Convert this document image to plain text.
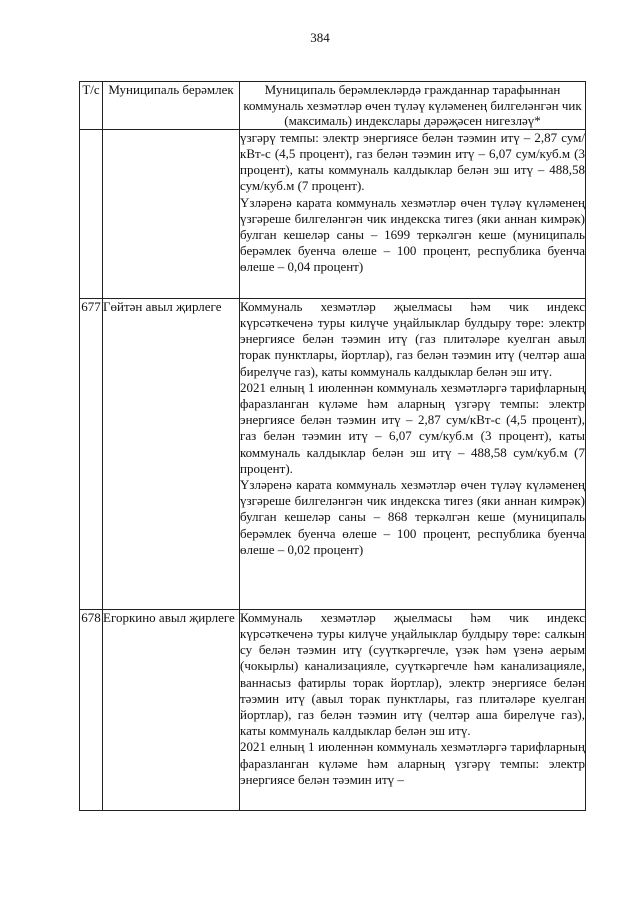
384
Т/с	Муниципаль берәмлек	Муниципаль берәмлекләрдә гражданнар тарафыннан коммуналь хезмәтләр өчен түләү күләменең билгеләнгән чик (максималь) индекслары дәрәҗәсен нигезләү*

		үзгәрү темпы: электр энергиясе белән тәэмин итү – 2,87 сум/кВт-с (4,5 процент), газ белән тәэмин итү – 6,07 сум/куб.м (3 процент), каты коммуналь калдыклар белән эш итү – 488,58 сум/куб.м (7 процент).

Үзләренә карата коммуналь хезмәтләр өчен түләү күләменең үзгәреше билгеләнгән чик индекска тигез (яки аннан кимрәк) булган кешеләр саны – 1699 теркәлгән кеше (муниципаль берәмлек буенча өлеше – 100 процент, республика буенча өлеше – 0,04 процент)

677	Гөйтән авыл җирлеге	Коммуналь хезмәтләр җыелмасы һәм чик индекс күрсәткеченә туры килүче уңайлыклар булдыру төре: электр энергиясе белән тәэмин итү (газ плитәләре куелган авыл торак пунктлары, йортлар), газ белән тәэмин итү (челтәр аша бирелүче газ), каты коммуналь калдыклар белән эш итү.

2021 елның 1 июленнән коммуналь хезмәтләргә тарифларның фаразланган күләме һәм аларның үзгәрү темпы: электр энергиясе белән тәэмин итү – 2,87 сум/кВт-с (4,5 процент), газ белән тәэмин итү – 6,07 сум/куб.м (3 процент), каты коммуналь калдыклар белән эш итү – 488,58 сум/куб.м (7 процент).

Үзләренә карата коммуналь хезмәтләр өчен түләү күләменең үзгәреше билгеләнгән чик индекска тигез (яки аннан кимрәк) булган кешеләр саны – 868 теркәлгән кеше (муниципаль берәмлек буенча өлеше – 100 процент, республика буенча өлеше – 0,02 процент)

678	Егоркино авыл җирлеге	Коммуналь хезмәтләр җыелмасы һәм чик индекс күрсәткеченә туры килүче уңайлыклар булдыру төре: салкын су белән тәэмин итү (суүткәргечле, үзәк һәм үзенә аерым (чокырлы) канализацияле, суүткәргечле һәм канализацияле, ваннасыз фатирлы торак йортлар), электр энергиясе белән тәэмин итү (авыл торак пунктлары, газ плитәләре куелган йортлар), газ белән тәэмин итү (челтәр аша бирелүче газ), каты коммуналь калдыклар белән эш итү.

2021 елның 1 июленнән коммуналь хезмәтләргә тарифларның фаразланган күләме һәм аларның үзгәрү темпы: электр энергиясе белән тәэмин итү –
